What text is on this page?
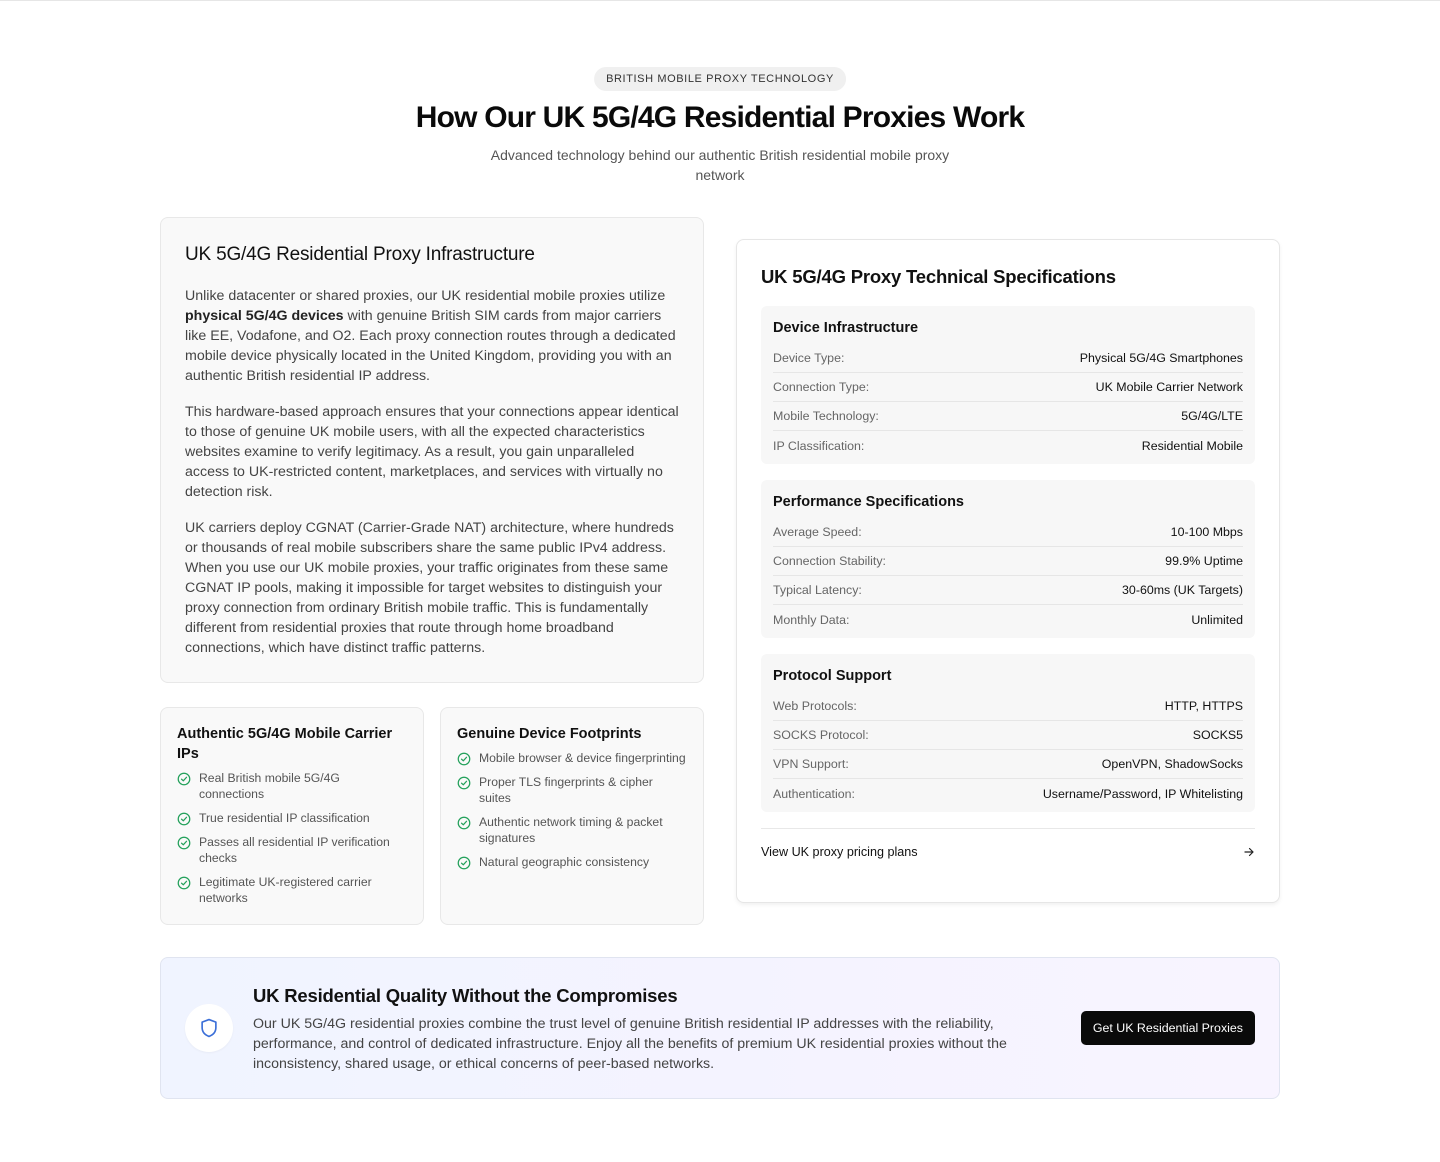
BRITISH MOBILE PROXY TECHNOLOGY
How Our UK 5G/4G Residential Proxies Work

Advanced technology behind our authentic British residential mobile proxy network

UK 5G/4G Residential Proxy Infrastructure

Unlike datacenter or shared proxies, our UK residential mobile proxies utilize physical 5G/4G devices with genuine British SIM cards from major carriers like EE, Vodafone, and O2. Each proxy connection routes through a dedicated mobile device physically located in the United Kingdom, providing you with an authentic British residential IP address.

This hardware-based approach ensures that your connections appear identical to those of genuine UK mobile users, with all the expected characteristics websites examine to verify legitimacy. As a result, you gain unparalleled access to UK-restricted content, marketplaces, and services with virtually no detection risk.

UK carriers deploy CGNAT (Carrier-Grade NAT) architecture, where hundreds or thousands of real mobile subscribers share the same public IPv4 address. When you use our UK mobile proxies, your traffic originates from these same CGNAT IP pools, making it impossible for target websites to distinguish your proxy connection from ordinary British mobile traffic. This is fundamentally different from residential proxies that route through home broadband connections, which have distinct traffic patterns.

Authentic 5G/4G Mobile Carrier IPs
Real British mobile 5G/4G connections
True residential IP classification
Passes all residential IP verification checks
Legitimate UK-registered carrier networks
Genuine Device Footprints
Mobile browser & device fingerprinting
Proper TLS fingerprints & cipher suites
Authentic network timing & packet signatures
Natural geographic consistency
UK 5G/4G Proxy Technical Specifications
Device Infrastructure
Device Type:	Physical 5G/4G Smartphones
Connection Type:	UK Mobile Carrier Network
Mobile Technology:	5G/4G/LTE
IP Classification:	Residential Mobile
Performance Specifications
Average Speed:	10-100 Mbps
Connection Stability:	99.9% Uptime
Typical Latency:	30-60ms (UK Targets)
Monthly Data:	Unlimited
Protocol Support
Web Protocols:	HTTP, HTTPS
SOCKS Protocol:	SOCKS5
VPN Support:	OpenVPN, ShadowSocks
Authentication:	Username/Password, IP Whitelisting
View UK proxy pricing plans
UK Residential Quality Without the Compromises

Our UK 5G/4G residential proxies combine the trust level of genuine British residential IP addresses with the reliability, performance, and control of dedicated infrastructure. Enjoy all the benefits of premium UK residential proxies without the inconsistency, shared usage, or ethical concerns of peer-based networks.

Get UK Residential Proxies
